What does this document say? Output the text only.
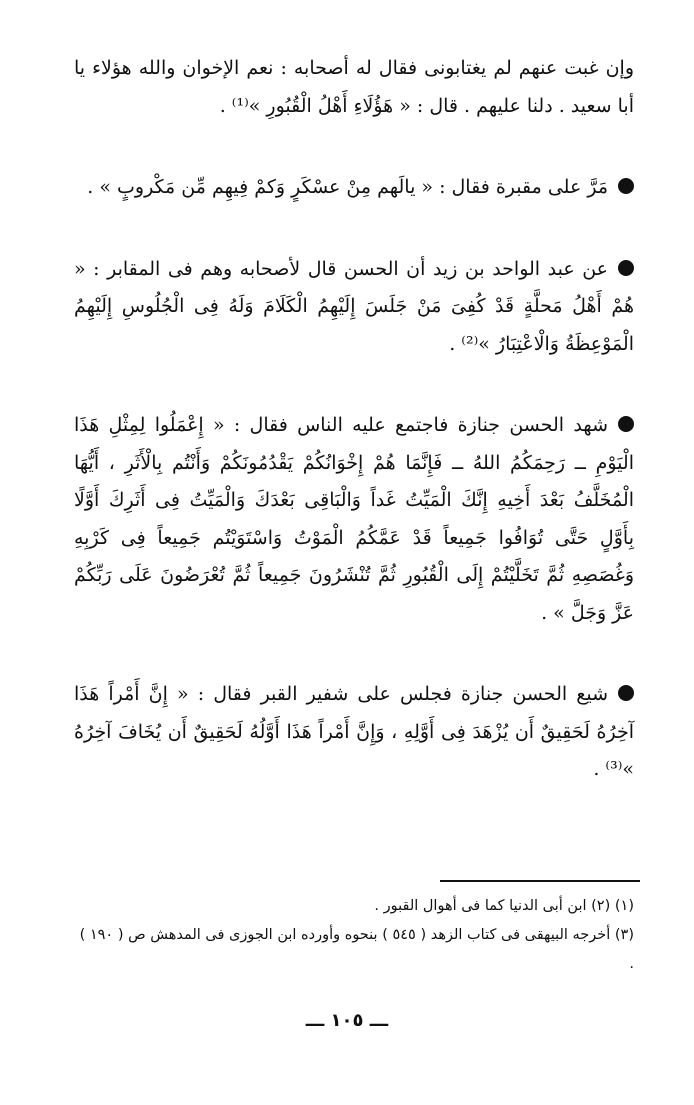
وإن غبت عنهم لم يغتابونى فقال له أصحابه : نعم الإخوان والله هؤلاء يا أبا سعيد . دلنا عليهم . قال : « هَؤُلَاءِ أَهْلُ الْقُبُورِ »⁽¹⁾ .

مَرَّ على مقبرة فقال : « يالَهم مِنْ عسْكَرٍ وَكمْ فِيهِم مِّن مَكْروبٍ » .

عن عبد الواحد بن زيد أن الحسن قال لأصحابه وهم فى المقابر : « هُمْ أَهْلُ مَحلَّةٍ قَدْ كُفِىَ مَنْ جَلَسَ إِلَيْهِمُ الْكَلَامَ وَلَهُ فِى الْجُلُوسِ إِلَيْهِمُ الْمَوْعِظَةُ وَالْاعْتِبَارُ »⁽²⁾ .

شهد الحسن جنازة فاجتمع عليه الناس فقال : « إِعْمَلُوا لِمِثْلِ هَذَا الْيَوْمِ ــ رَحِمَكُمُ اللهُ ــ فَإِنَّمَا هُمْ إِخْوَانُكُمْ يَقْدُمُونَكُمْ وَأَنْتُم بِالْأَثَرِ ، أَيُّهَا الْمُخَلَّفُ بَعْدَ أَخِيهِ إِنَّكَ الْمَيِّتُ غَداً وَالْبَاقِى بَعْدَكَ وَالْمَيِّتُ فِى أَثَرِكَ أَوَّلًا بِأَوَّلٍ حَتَّى تُوَافُوا جَمِيعاً قَدْ عَمَّكُمُ الْمَوْتُ وَاسْتَوَيْتُم جَمِيعاً فِى كَرْبِهِ وَغُصَصِهِ ثُمَّ تَخَلَّيْتُمْ إِلَى الْقُبُورِ ثُمَّ تُنْشَرُونَ جَمِيعاً ثُمَّ تُعْرَضُونَ عَلَى رَبِّكُمْ عَزَّ وَجَلَّ » .

شيع الحسن جنازة فجلس على شفير القبر فقال : « إِنَّ أَمْراً هَذَا آخِرُهُ لَحَقِيقٌ أَن يُزْهَدَ فِى أَوَّلِهِ ، وَإِنَّ أَمْراً هَذَا أَوَّلُهُ لَحَقِيقٌ أَن يُخَافَ آخِرُهُ »⁽³⁾ .

(١) (٢) ابن أبى الدنيا كما فى أهوال القبور .
(٣) أخرجه البيهقى فى كتاب الزهد ( ٥٤٥ ) بنحوه وأورده ابن الجوزى فى المدهش ص ( ١٩٠ ) .
ـــ ١٠٥ ـــ
